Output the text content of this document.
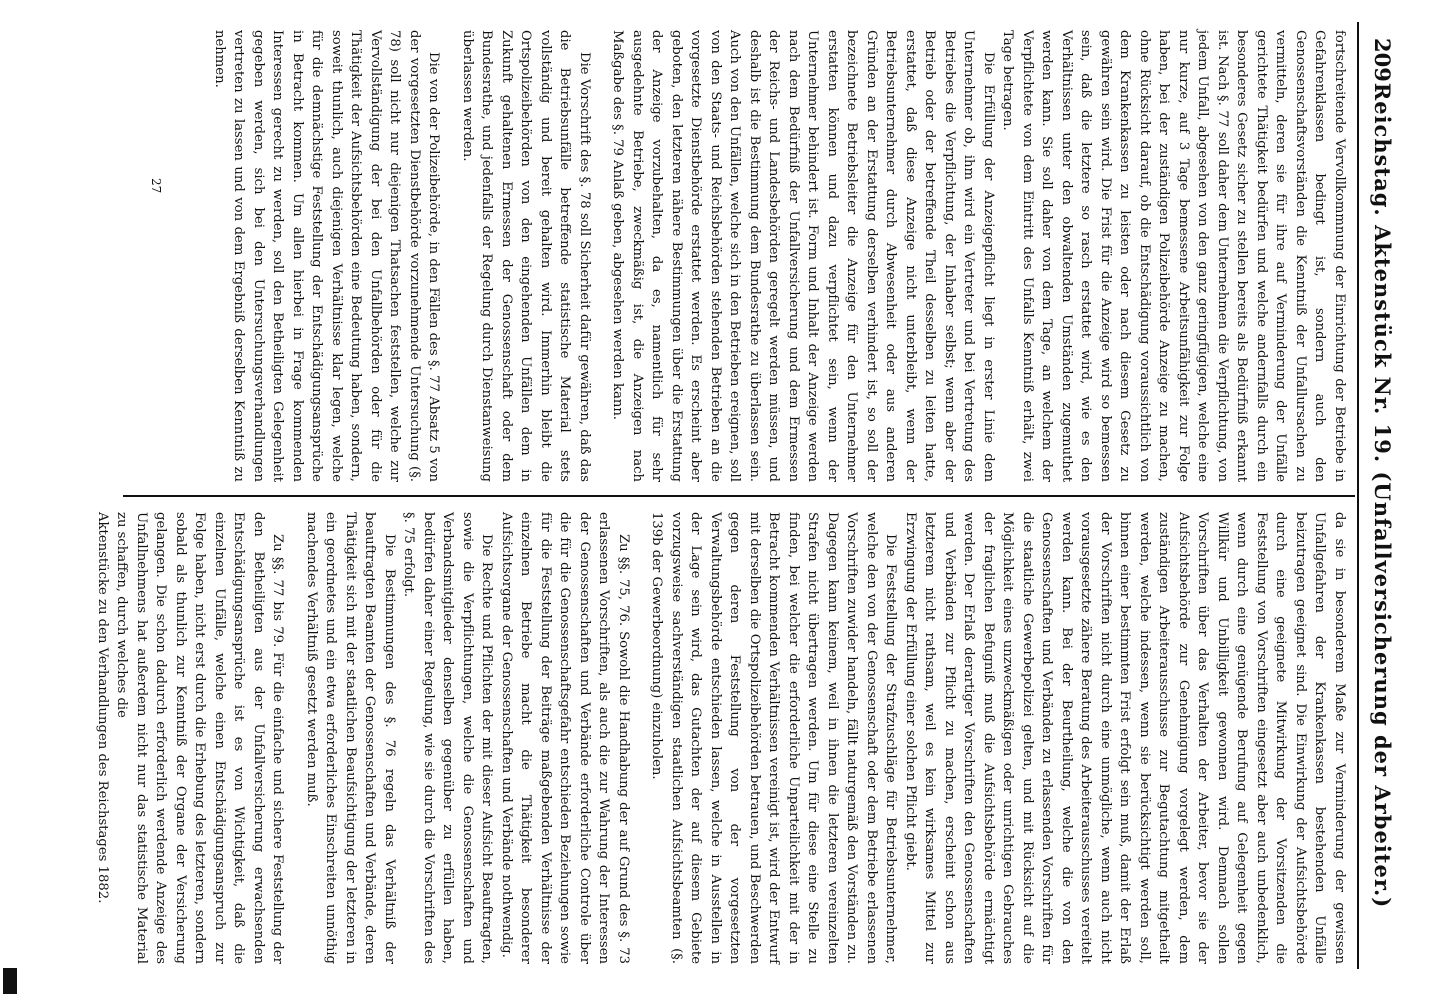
209
Reichstag. Aktenstück Nr. 19. (Unfallversicherung der Arbeiter.)

fortschreitende Vervollkommnung der Einrichtung der Betriebe in Gefahrenklassen bedingt ist, sondern auch den Genossenschaftsvorständen die Kenntniß der Unfallursachen zu vermitteln, deren sie für ihre auf Verminderung der Unfälle gerichtete Thätigkeit bedürfen und welche andernfalls durch ein besonderes Gesetz sicher zu stellen bereits als Bedürfniß erkannt ist. Nach §. 77 soll daher dem Unternehmen die Verpflichtung, von jedem Unfall, abgesehen von den ganz geringfügigen, welche eine nur kurze, auf 3 Tage bemessene Arbeitsunfähigkeit zur Folge haben, bei der zuständigen Polizeibehörde Anzeige zu machen, ohne Rücksicht darauf, ob die Entschädigung voraussichtlich von dem Krankenkassen zu leisten oder nach diesem Gesetz zu gewähren sein wird. Die Frist für die Anzeige wird so bemessen sein, daß die letztere so rasch erstattet wird, wie es den Verhältnissen unter den obwaltenden Umständen zugemuthet werden kann. Sie soll daher von dem Tage, an welchem der Verpflichtete von dem Eintritt des Unfalls Kenntniß erhält, zwei Tage betragen.

Die Erfüllung der Anzeigepflicht liegt in erster Linie dem Unternehmer ob, ihm wird ein Vertreter und bei Vertretung des Betriebes die Verpflichtung, der Inhaber selbst; wenn aber der Betrieb oder der betreffende Theil desselben zu leiten hatte, erstattet, daß diese Anzeige nicht unterbleibt, wenn der Betriebsunternehmer durch Abwesenheit oder aus anderen Gründen an der Erstattung derselben verhindert ist, so soll der bezeichnete Betriebsleiter die Anzeige für den Unternehmer erstatten können und dazu verpflichtet sein, wenn der Unternehmer behindert ist. Form und Inhalt der Anzeige werden nach dem Bedürfniß der Unfallversicherung und dem Ermessen der Reichs- und Landesbehörden geregelt werden müssen, und deshalb ist die Bestimmung dem Bundesrathe zu überlassen sein. Auch von den Unfällen, welche sich in den Betrieben ereignen, soll von den Staats- und Reichsbehörden stehenden Betrieben an die vorgesetzte Dienstbehörde erstattet werden. Es erscheint aber geboten, den letzteren nähere Bestimmungen über die Erstattung der Anzeige vorzubehalten, da es, namentlich für sehr ausgedehnte Betriebe, zweckmäßig ist, die Anzeigen nach Maßgabe des §. 79 Anlaß geben, abgesehen werden kann.

Die Vorschrift des §. 78 soll Sicherheit dafür gewähren, daß das die Betriebsunfälle betreffende statistische Material stets vollständig und bereit gehalten wird. Immerhin bleibt die Ortspolizeibehörden von den eingehenden Unfällen dem in Zukunft gehaltenen Ermessen der Genossenschaft oder dem Bundesrathe, und jedenfalls der Regelung durch Dienstanweisung überlassen werden.

Die von der Polizeibehörde, in den Fällen des §. 77 Absatz 5 von der vorgesetzten Dienstbehörde vorzunehmende Untersuchung (§. 78) soll nicht nur diejenigen Thatsachen feststellen, welche zur Vervollständigung der bei den Unfallbehörden oder für die Thätigkeit der Aufsichtsbehörden eine Bedeutung haben, sondern, soweit thunlich, auch diejenigen Verhältnisse klar legen, welche für die demnächstige Feststellung der Entschädigungsansprüche in Betracht kommen. Um allen hierbei in Frage kommenden Interessen gerecht zu werden, soll den Betheiligten Gelegenheit gegeben werden, sich bei den Untersuchungsverhandlungen vertreten zu lassen und von dem Ergebniß derselben Kenntniß zu nehmen.

da sie in besonderem Maße zur Verminderung der gewissen Unfallgefahren der Krankenkassen bestehenden Unfälle beizutragen geeignet sind. Die Einwirkung der Aufsichtsbehörde durch eine geeignete Mitwirkung der Vorsitzenden die Feststellung von Vorschriften eingesetzt aber auch unbedenklich, wenn durch eine genügende Berufung auf Gelegenheit gegen Willkür und Unbilligkeit gewonnen wird. Demnach sollen Vorschriften über das Verhalten der Arbeiter, bevor sie der Aufsichtsbehörde zur Genehmigung vorgelegt werden, dem zuständigen Arbeiterausschusse zur Begutachtung mitgetheilt werden, welche indessen, wenn sie berücksichtigt werden soll, binnen einer bestimmten Frist erfolgt sein muß, damit der Erlaß der Vorschriften nicht durch eine unmögliche, wenn auch nicht vorausgesetzte zähere Beratung des Arbeiterausschusses vereitelt werden kann. Bei der Beurtheilung, welche die von den Genossenschaften und Verbänden zu erlassenden Vorschriften für die staatliche Gewerbepolizei gelten, und mit Rücksicht auf die Möglichkeit eines unzweckmäßigen oder unrichtigen Gebrauches der fraglichen Befugniß muß die Aufsichtsbehörde ermächtigt werden. Der Erlaß derartiger Vorschriften den Genossenschaften und Verbänden zur Pflicht zu machen, erscheint schon aus letzterem nicht rathsam, weil es kein wirksames Mittel zur Erzwingung der Erfüllung einer solchen Pflicht giebt.

Die Feststellung der Strafzuschläge für Betriebsunternehmer, welche den von der Genossenschaft oder dem Betriebe erlassenen Vorschriften zuwider handeln, fällt naturgemäß den Vorständen zu. Dagegen kann keinem, weil in ihnen die letzteren vereinzelten Strafen nicht übertragen werden. Um für diese eine Stelle zu finden, bei welcher die erforderliche Unparteilichkeit mit der in Betracht kommenden Verhältnissen vereinigt ist, wird der Entwurf mit derselben die Ortspolizeibehörden betrauen, und Beschwerden gegen deren Feststellung von der vorgesetzten Verwaltungsbehörde entschieden lassen, welche in Ausstellen in der Lage sein wird, das Gutachten der auf diesem Gebiete vorzugsweise sachverständigen staatlichen Aufsichtsbeamten (§. 139b der Gewerbeordnung) einzuholen.

Zu §§. 75, 76. Sowohl die Handhabung der auf Grund des §. 73 erlassenen Vorschriften, als auch die zur Wahrung der Interessen der Genossenschaften und Verbände erforderliche Controle über die für die Genossenschaftsgefahr entschieden Beziehungen sowie für die Feststellung der Beiträge maßgebenden Verhältnisse der einzelnen Betriebe macht die Thätigkeit besonderer Aufsichtsorgane der Genossenschaften und Verbände nothwendig.

Die Rechte und Pflichten der mit dieser Aufsicht Beauftragten, sowie die Verpflichtungen, welche die Genossenschaften und Verbandsmitglieder denselben gegenüber zu erfüllen haben, bedürfen daher einer Regelung, wie sie durch die Vorschriften des §. 75 erfolgt.

Die Bestimmungen des §. 76 regeln das Verhältniß der beauftragten Beamten der Genossenschaften und Verbände, deren Thätigkeit sich mit der staatlichen Beaufsichtigung der letzteren in ein geordnetes und ein etwa erforderliches Einschreiten unnöthig machendes Verhältniß gesetzt werden muß.

Zu §§. 77 bis 79. Für die einfache und sichere Feststellung der den Betheiligten aus der Unfallversicherung erwachsenden Entschädigungsansprüche ist es von Wichtigkeit, daß die einzelnen Unfälle, welche einen Entschädigungsanspruch zur Folge haben, nicht erst durch die Erhebung des letzteren, sondern sobald als thunlich zur Kenntniß der Organe der Versicherung gelangen. Die schon dadurch erforderlich werdende Anzeige des Unfallnehmens hat außerdem nicht nur das statistische Material zu schaffen, durch welches die

Aktenstücke zu den Verhandlungen des Reichstages 1882.

27
